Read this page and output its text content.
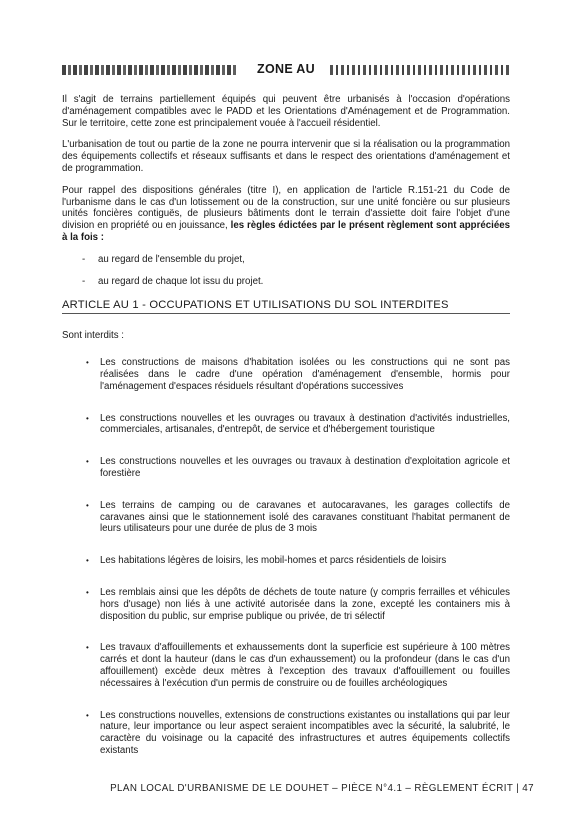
ZONE AU

Il s'agit de terrains partiellement équipés qui peuvent être urbanisés à l'occasion d'opérations d'aménagement compatibles avec le PADD et les Orientations d'Aménagement et de Programmation. Sur le territoire, cette zone est principalement vouée à l'accueil résidentiel.

L'urbanisation de tout ou partie de la zone ne pourra intervenir que si la réalisation ou la programmation des équipements collectifs et réseaux suffisants et dans le respect des orientations d'aménagement et de programmation.

Pour rappel des dispositions générales (titre I), en application de l'article R.151-21 du Code de l'urbanisme dans le cas d'un lotissement ou de la construction, sur une unité foncière ou sur plusieurs unités foncières contiguës, de plusieurs bâtiments dont le terrain d'assiette doit faire l'objet d'une division en propriété ou en jouissance, les règles édictées par le présent règlement sont appréciées à la fois :

- au regard de l'ensemble du projet,
- au regard de chaque lot issu du projet.
ARTICLE AU 1 - OCCUPATIONS ET UTILISATIONS DU SOL INTERDITES

Sont interdits :

• Les constructions de maisons d'habitation isolées ou les constructions qui ne sont pas réalisées dans le cadre d'une opération d'aménagement d'ensemble, hormis pour l'aménagement d'espaces résiduels résultant d'opérations successives
• Les constructions nouvelles et les ouvrages ou travaux à destination d'activités industrielles, commerciales, artisanales, d'entrepôt, de service et d'hébergement touristique
• Les constructions nouvelles et les ouvrages ou travaux à destination d'exploitation agricole et forestière
• Les terrains de camping ou de caravanes et autocaravanes, les garages collectifs de caravanes ainsi que le stationnement isolé des caravanes constituant l'habitat permanent de leurs utilisateurs pour une durée de plus de 3 mois
• Les habitations légères de loisirs, les mobil-homes et parcs résidentiels de loisirs
• Les remblais ainsi que les dépôts de déchets de toute nature (y compris ferrailles et véhicules hors d'usage) non liés à une activité autorisée dans la zone, excepté les containers mis à disposition du public, sur emprise publique ou privée, de tri sélectif
• Les travaux d'affouillements et exhaussements dont la superficie est supérieure à 100 mètres carrés et dont la hauteur (dans le cas d'un exhaussement) ou la profondeur (dans le cas d'un affouillement) excède deux mètres à l'exception des travaux d'affouillement ou fouilles nécessaires à l'exécution d'un permis de construire ou de fouilles archéologiques
• Les constructions nouvelles, extensions de constructions existantes ou installations qui par leur nature, leur importance ou leur aspect seraient incompatibles avec la sécurité, la salubrité, le caractère du voisinage ou la capacité des infrastructures et autres équipements collectifs existants
PLAN LOCAL D'URBANISME DE LE DOUHET – PIÈCE N°4.1 – RÈGLEMENT ÉCRIT | 47
